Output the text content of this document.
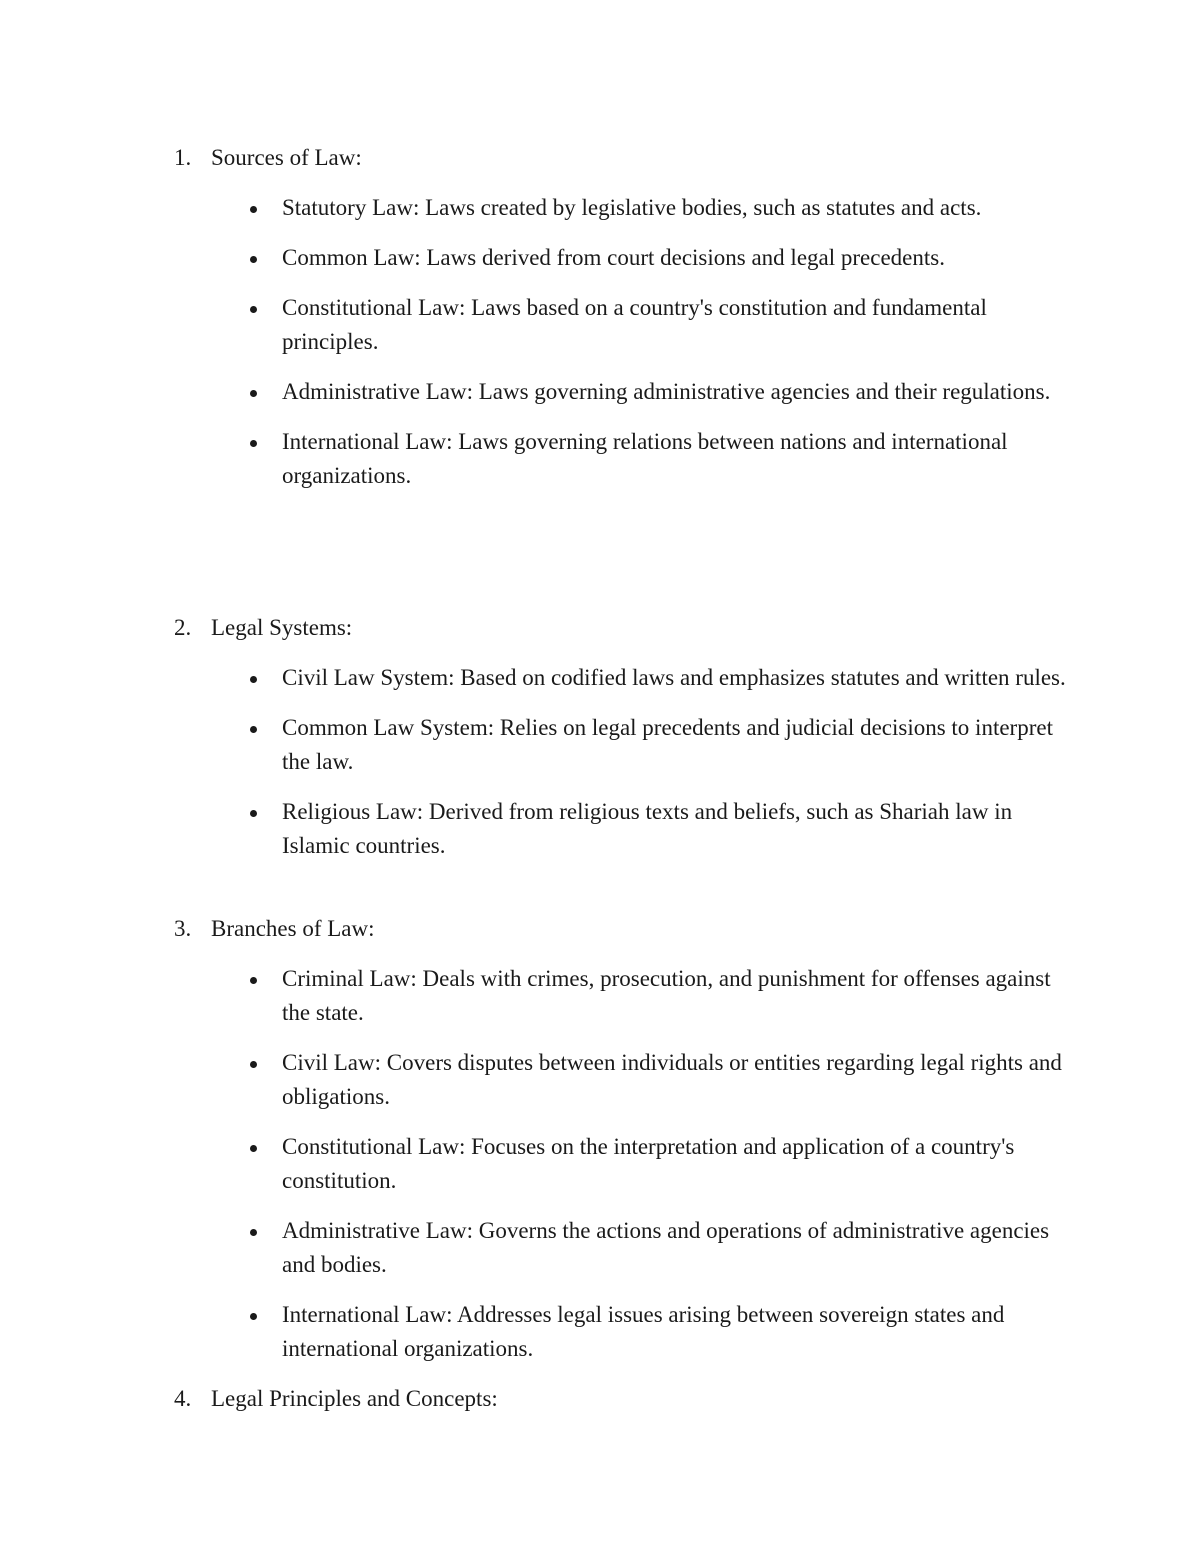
1. Sources of Law:
Statutory Law: Laws created by legislative bodies, such as statutes and acts.
Common Law: Laws derived from court decisions and legal precedents.
Constitutional Law: Laws based on a country's constitution and fundamental principles.
Administrative Law: Laws governing administrative agencies and their regulations.
International Law: Laws governing relations between nations and international organizations.
2. Legal Systems:
Civil Law System: Based on codified laws and emphasizes statutes and written rules.
Common Law System: Relies on legal precedents and judicial decisions to interpret the law.
Religious Law: Derived from religious texts and beliefs, such as Shariah law in Islamic countries.
3. Branches of Law:
Criminal Law: Deals with crimes, prosecution, and punishment for offenses against the state.
Civil Law: Covers disputes between individuals or entities regarding legal rights and obligations.
Constitutional Law: Focuses on the interpretation and application of a country's constitution.
Administrative Law: Governs the actions and operations of administrative agencies and bodies.
International Law: Addresses legal issues arising between sovereign states and international organizations.
4. Legal Principles and Concepts:
